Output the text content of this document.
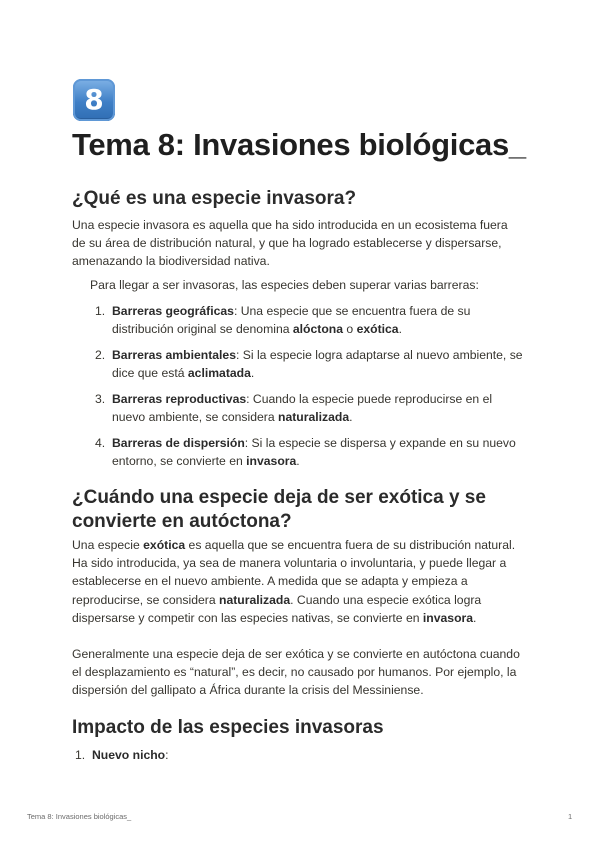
8
Tema 8: Invasiones biológicas_
¿Qué es una especie invasora?

Una especie invasora es aquella que ha sido introducida en un ecosistema fuera de su área de distribución natural, y que ha logrado establecerse y dispersarse, amenazando la biodiversidad nativa.

Para llegar a ser invasoras, las especies deben superar varias barreras:

1. Barreras geográficas: Una especie que se encuentra fuera de su distribución original se denomina alóctona o exótica.
2. Barreras ambientales: Si la especie logra adaptarse al nuevo ambiente, se dice que está aclimatada.
3. Barreras reproductivas: Cuando la especie puede reproducirse en el nuevo ambiente, se considera naturalizada.
4. Barreras de dispersión: Si la especie se dispersa y expande en su nuevo entorno, se convierte en invasora.
¿Cuándo una especie deja de ser exótica y se convierte en autóctona?
Una especie exótica es aquella que se encuentra fuera de su distribución natural. Ha sido introducida, ya sea de manera voluntaria o involuntaria, y puede llegar a establecerse en el nuevo ambiente. A medida que se adapta y empieza a reproducirse, se considera naturalizada. Cuando una especie exótica logra dispersarse y competir con las especies nativas, se convierte en invasora.

Generalmente una especie deja de ser exótica y se convierte en autóctona cuando el desplazamiento es “natural”, es decir, no causado por humanos. Por ejemplo, la dispersión del gallipato a África durante la crisis del Messiniense.

Impacto de las especies invasoras
1. Nuevo nicho:
Tema 8: Invasiones biológicas_	1
